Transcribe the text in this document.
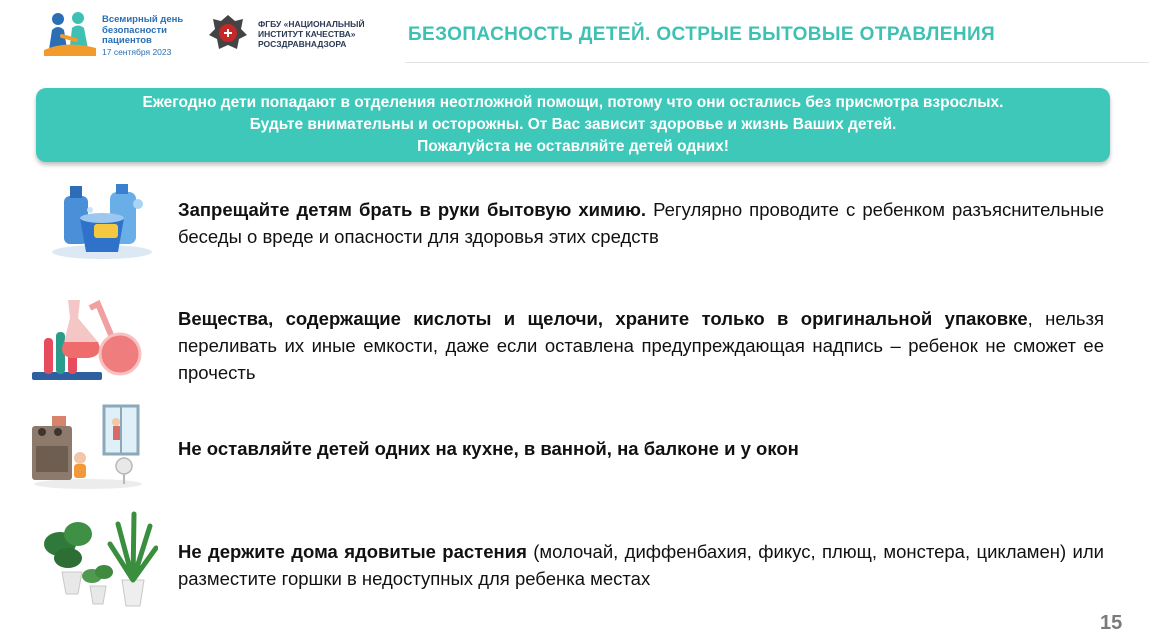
Всемирный день
безопасности
пациентов
17 сентября 2023
ФГБУ «НАЦИОНАЛЬНЫЙ
ИНСТИТУТ КАЧЕСТВА»
РОСЗДРАВНАДЗОРА	БЕЗОПАСНОСТЬ ДЕТЕЙ. ОСТРЫЕ БЫТОВЫЕ ОТРАВЛЕНИЯ
Ежегодно дети попадают в отделения неотложной помощи, потому что они остались без присмотра взрослых.
Будьте внимательны и осторожны. От Вас зависит здоровье и жизнь Ваших детей.
Пожалуйста не оставляйте детей одних!
Запрещайте детям брать в руки бытовую химию. Регулярно проводите с ребенком разъяснительные беседы о вреде и опасности для здоровья этих средств
Вещества, содержащие кислоты и щелочи, храните только в оригинальной упаковке, нельзя переливать их иные емкости, даже если оставлена предупреждающая надпись – ребенок не сможет ее прочесть
Не оставляйте детей одних на кухне, в ванной, на балконе и у окон
Не держите дома ядовитые растения (молочай, диффенбахия, фикус, плющ, монстера, цикламен) или разместите горшки в недоступных для ребенка местах
15
